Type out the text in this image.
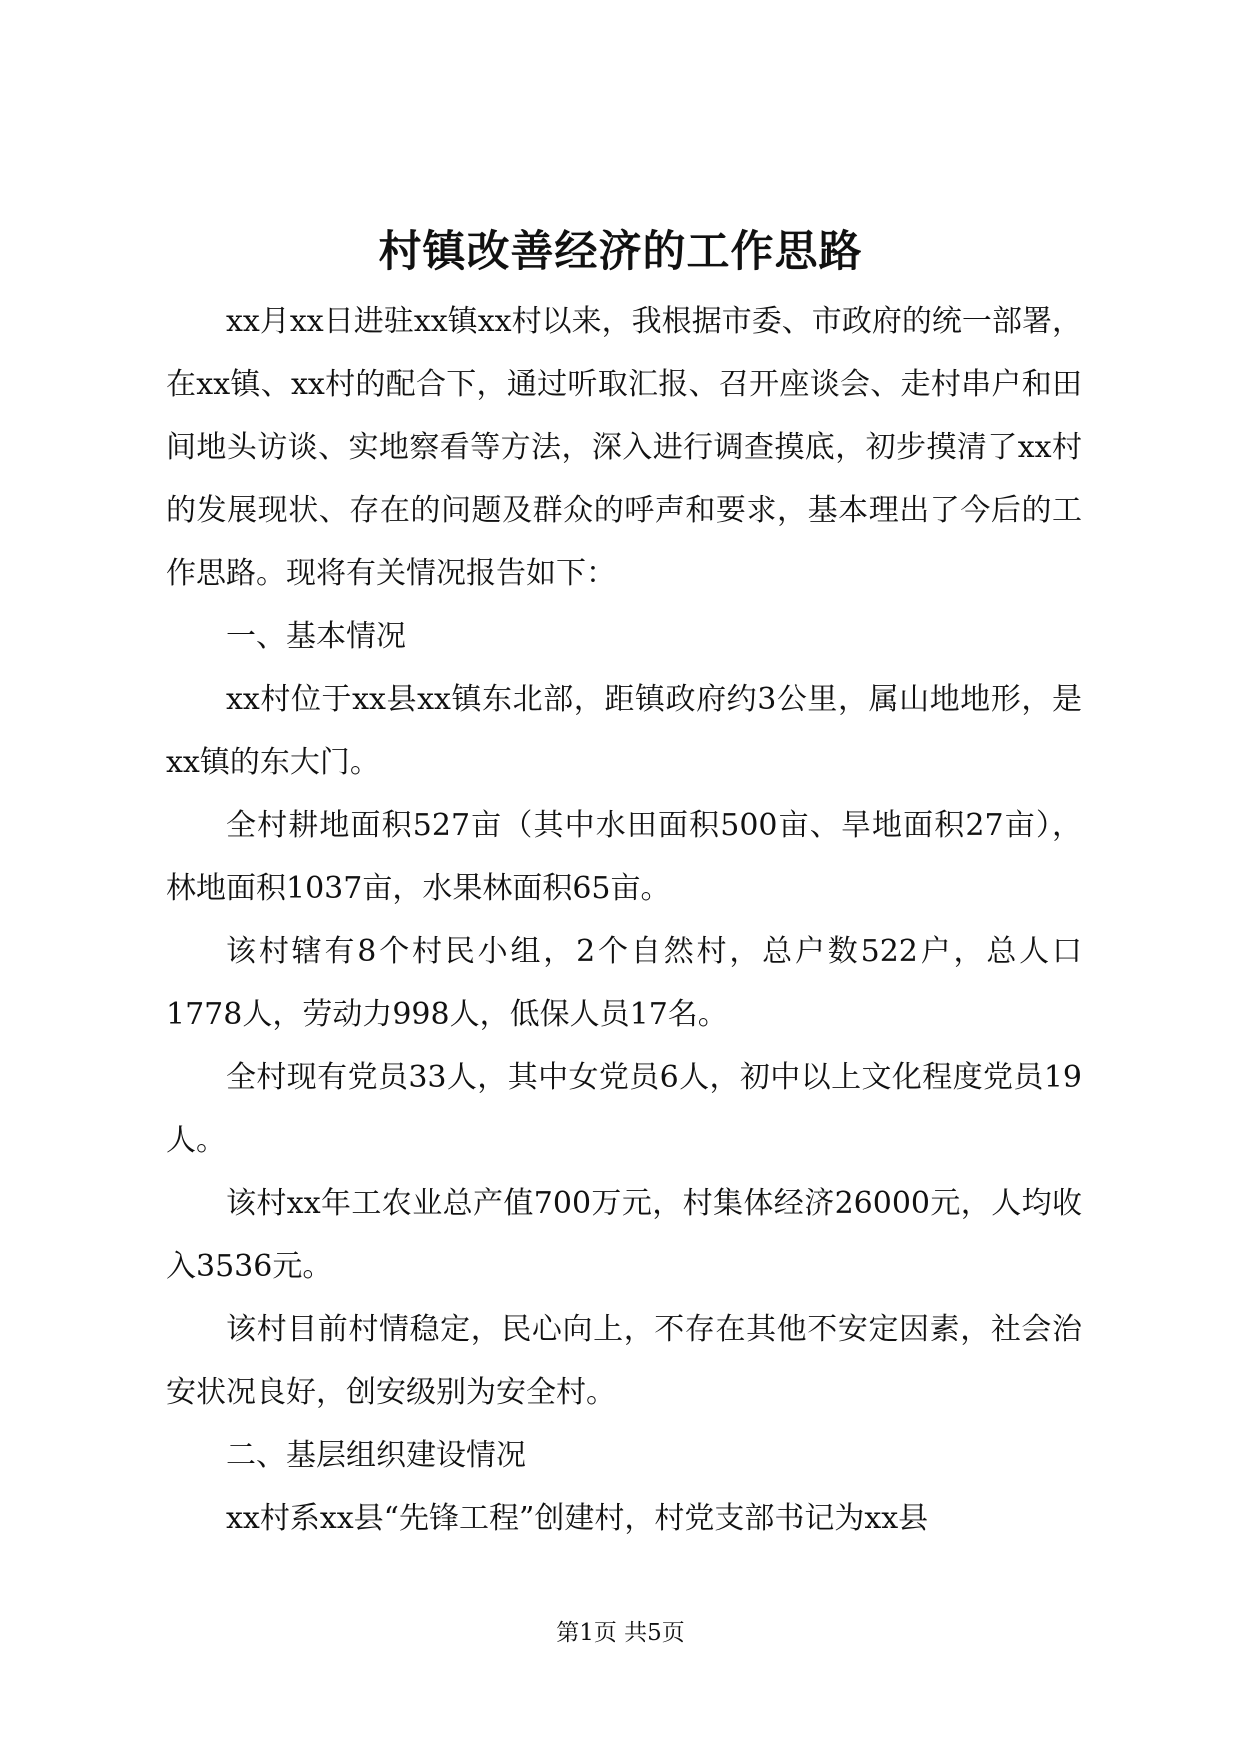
村镇改善经济的工作思路

xx月xx日进驻xx镇xx村以来，我根据市委、市政府的统一部署，在xx镇、xx村的配合下，通过听取汇报、召开座谈会、走村串户和田间地头访谈、实地察看等方法，深入进行调查摸底，初步摸清了xx村的发展现状、存在的问题及群众的呼声和要求，基本理出了今后的工作思路。现将有关情况报告如下：

一、基本情况

xx村位于xx县xx镇东北部，距镇政府约3公里，属山地地形，是xx镇的东大门。

全村耕地面积527亩（其中水田面积500亩、旱地面积27亩），林地面积1037亩，水果林面积65亩。

该村辖有8个村民小组，2个自然村，总户数522户，总人口1778人，劳动力998人，低保人员17名。

全村现有党员33人，其中女党员6人，初中以上文化程度党员19人。

该村xx年工农业总产值700万元，村集体经济26000元，人均收入3536元。

该村目前村情稳定，民心向上，不存在其他不安定因素，社会治安状况良好，创安级别为安全村。

二、基层组织建设情况

xx村系xx县“先锋工程”创建村，村党支部书记为xx县

第1页 共5页
